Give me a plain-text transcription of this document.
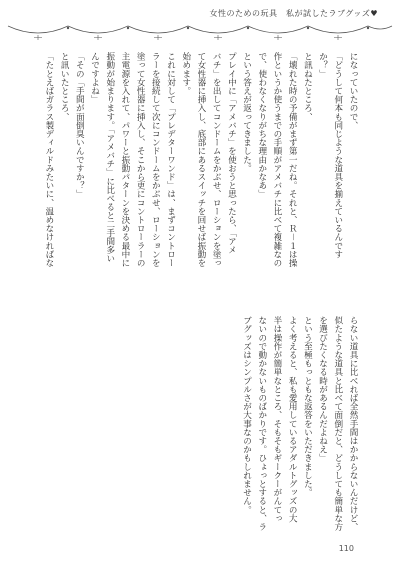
女性のための玩具　私が試したラブグッズ♥

になっていたので、

「どうして何本も同じような道具を揃えているんです

か？」

と訊ねたところ、

「壊れた時の予備がまず第一だね。それと、Ｒ－１は操

作というか使うまでの手順がアメバチに比べて複雑なの

で、使わなくなりがちな理由かなあ」

という答えが返ってきました。

プレイ中に「アメバチ」を使おうと思ったら、「アメ

バチ」を出してコンドームをかぶせ、ローションを塗っ

て女性器に挿入し、底部にあるスイッチを回せば振動を

始めます。

これに対して「プレデターワンド」は、まずコントロー

ラーを接続して次にコンドームをかぶせ、ローションを

塗って女性器に挿入し、そこから更にコントローラーの

主電源を入れて、パワーと振動パターンを決める最中に

振動が始まります。「アメバチ」に比べると二手間多い

んですよね」

「その「手間が面倒臭いんですか？」

と訊いたところ、

「たとえばガラス製ディルドみたいに、温めなければな

らない道具に比べれば全然手間はかからないんだけど、

似たような道具と比べて面倒だと、どうしても簡単な方

を選びたくなる時があるんだよねえ」

という至極もっともな返答をいただきました。

よく考えると、私も愛用しているアダルトグッズの大

半は操作が簡単なところ、そもそもギークーがんてっ

ないので動かないものばかりです。ひょっとすると、ラ

ブグッズはシンプルさが大事なのかもしれません。

110
